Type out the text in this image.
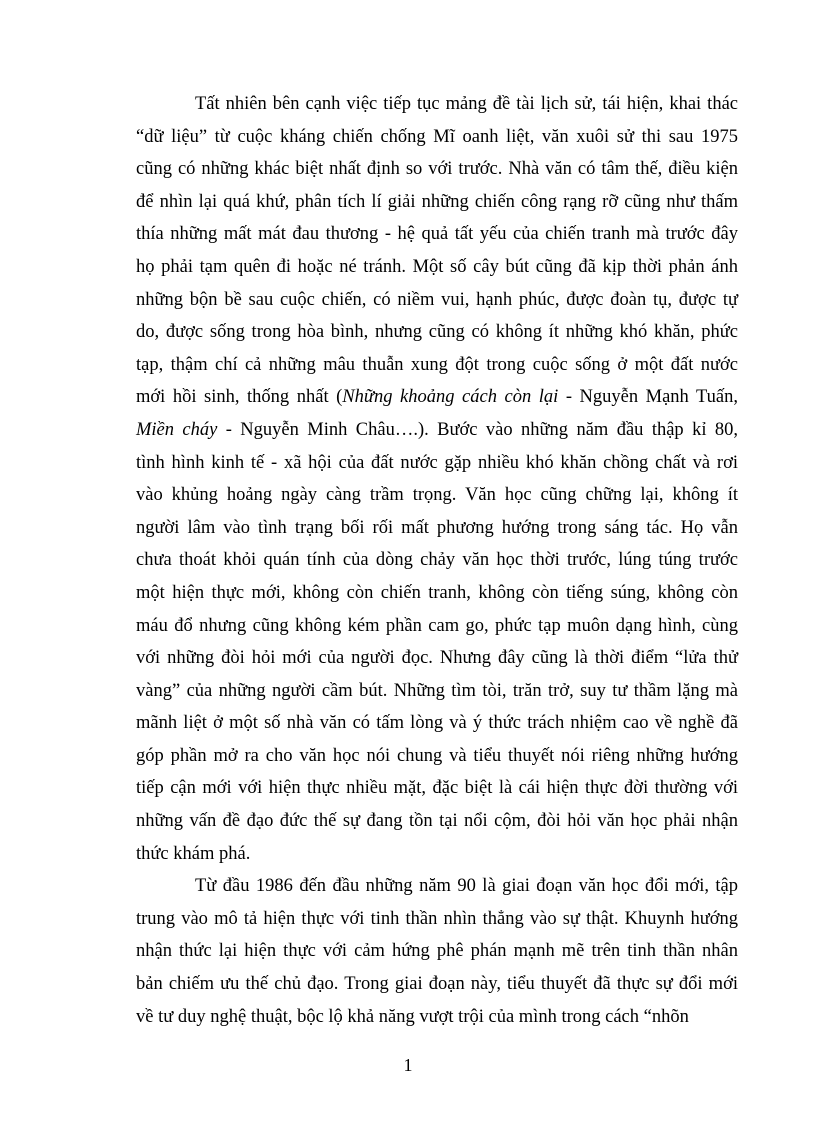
Tất nhiên bên cạnh việc tiếp tục mảng đề tài lịch sử, tái hiện, khai thác
“dữ liệu” từ cuộc kháng chiến chống Mĩ oanh liệt, văn xuôi sử thi sau 1975
cũng có những khác biệt nhất định so với trước. Nhà văn có tâm thế, điều kiện
để nhìn lại quá khứ, phân tích lí giải những chiến công rạng rỡ cũng như thấm
thía những mất mát đau thương - hệ quả tất yếu của chiến tranh mà trước đây
họ phải tạm quên đi hoặc né tránh. Một số cây bút cũng đã kịp thời phản ánh
những bộn bề sau cuộc chiến, có niềm vui, hạnh phúc, được đoàn tụ, được tự
do, được sống trong hòa bình, nhưng cũng có không ít những khó khăn, phức
tạp, thậm chí cả những mâu thuẫn xung đột trong cuộc sống ở một đất nước
mới hồi sinh, thống nhất (Những khoảng cách còn lại - Nguyễn Mạnh Tuấn,
Miền cháy - Nguyễn Minh Châu….). Bước vào những năm đầu thập kỉ 80,
tình hình kinh tế - xã hội của đất nước gặp nhiều khó khăn chồng chất và rơi
vào khủng hoảng ngày càng trầm trọng. Văn học cũng chững lại, không ít
người lâm vào tình trạng bối rối mất phương hướng trong sáng tác. Họ vẫn
chưa thoát khỏi quán tính của dòng chảy văn học thời trước, lúng túng trước
một hiện thực mới, không còn chiến tranh, không còn tiếng súng, không còn
máu đổ nhưng cũng không kém phần cam go, phức tạp muôn dạng hình, cùng
với những đòi hỏi mới của người đọc. Nhưng đây cũng là thời điểm “lửa thử
vàng” của những người cầm bút. Những tìm tòi, trăn trở, suy tư thầm lặng mà
mãnh liệt ở một số nhà văn có tấm lòng và ý thức trách nhiệm cao về nghề đã
góp phần mở ra cho văn học nói chung và tiểu thuyết nói riêng những hướng
tiếp cận mới với hiện thực nhiều mặt, đặc biệt là cái hiện thực đời thường với
những vấn đề đạo đức thế sự đang tồn tại nổi cộm, đòi hỏi văn học phải nhận
thức khám phá.
Từ đầu 1986 đến đầu những năm 90 là giai đoạn văn học đổi mới, tập
trung vào mô tả hiện thực với tinh thần nhìn thẳng vào sự thật. Khuynh hướng
nhận thức lại hiện thực với cảm hứng phê phán mạnh mẽ trên tinh thần nhân
bản chiếm ưu thế chủ đạo. Trong giai đoạn này, tiểu thuyết đã thực sự đổi mới
về tư duy nghệ thuật, bộc lộ khả năng vượt trội của mình trong cách “nhõn
1
